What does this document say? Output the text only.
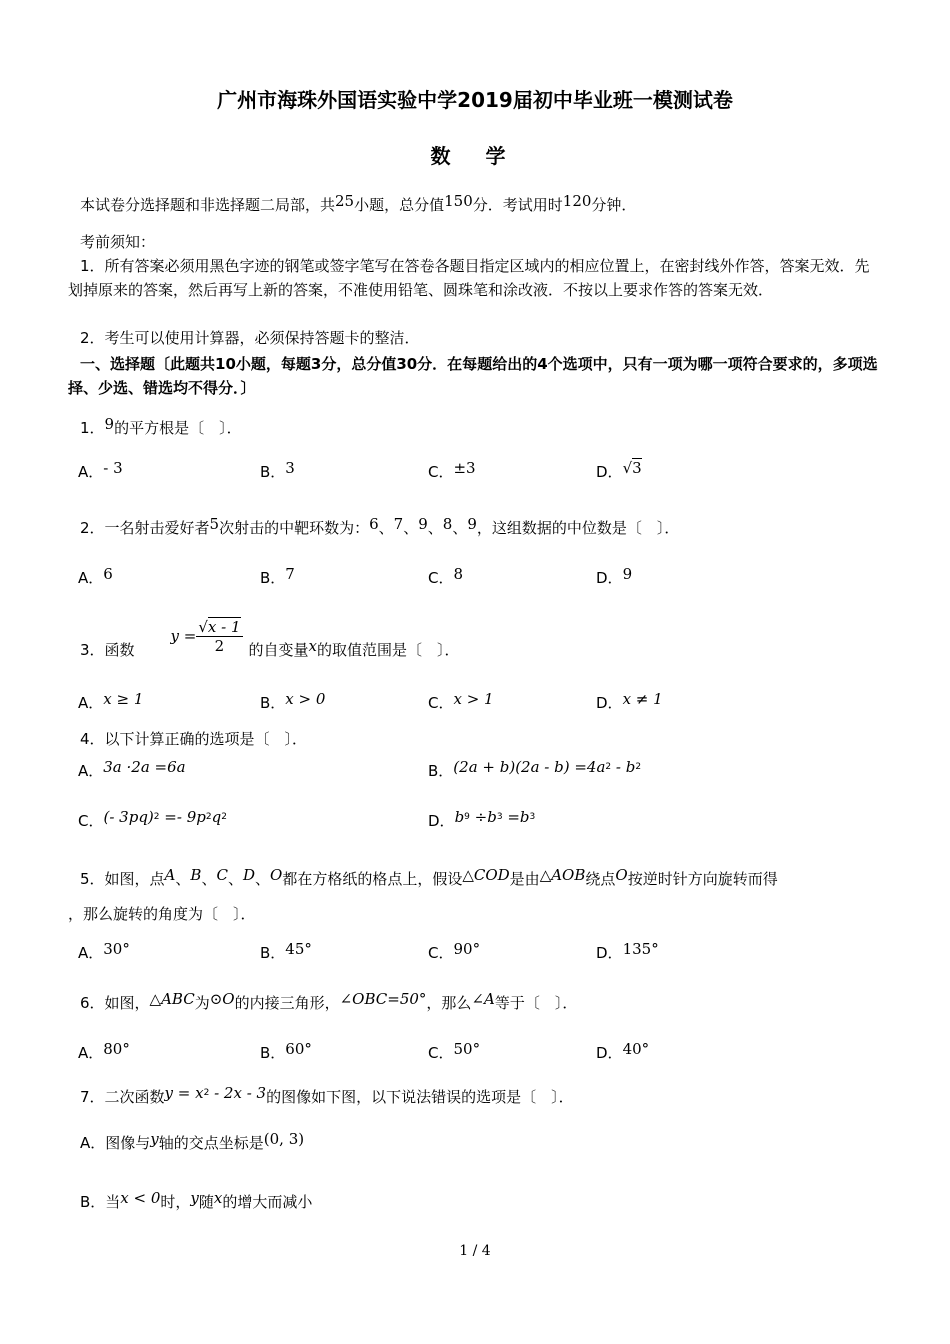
广州市海珠外国语实验中学2019届初中毕业班一模测试卷
数 学
本试卷分选择题和非选择题二局部，共25小题，总分值150分．考试用时120分钟．
考前须知：
1．所有答案必须用黑色字迹的钢笔或签字笔写在答卷各题目指定区域内的相应位置上，在密封线外作答，答案无效．先划掉原来的答案，然后再写上新的答案，不准使用铅笔、圆珠笔和涂改液．不按以上要求作答的答案无效．
2．考生可以使用计算器，必须保持答题卡的整洁．
一、选择题〔此题共10小题，每题3分，总分值30分．在每题给出的4个选项中，只有一项为哪一项符合要求的，多项选择、少选、错选均不得分．〕
1．9的平方根是〔　〕．
A．- 3	B．3	C．±3	D．√3
2．一名射击爱好者5次射击的中靶环数为：6、7、9、8、9，这组数据的中位数是〔　〕．
A．6	B．7	C．8	D．9
3．函数$y = \frac{√x - 1}{2}$ 的自变量x的取值范围是〔　〕．
A．x ≥ 1	B．x > 0	C．x > 1	D．x ≠ 1
4．以下计算正确的选项是〔　〕．
A．3a ·2a =6a	B．$(2a + b)(2a - b) =4a^2 - b^2$
C．(- $3pq)^2 =- 9p^2q^2$	D．$b^9 \div b^3 =b^3$
5．如图，点A、B、C、D、O都在方格纸的格点上，假设△COD是由△AOB绕点O按逆时针方向旋转而得
，那么旋转的角度为〔　〕．
A．30°	B．45°	C．90°	D．135°
6．如图，△ABC为⊙O的内接三角形，∠OBC=50°，那么∠A等于〔　〕．
A．80°	B．60°	C．50°	D．40°
7．二次函数$y = x^2 - 2x - 3$的图像如下图，以下说法错误的选项是〔　〕．
A．图像与y轴的交点坐标是(0, 3)
B．当x < 0时，y随x的增大而减小
1 / 4
